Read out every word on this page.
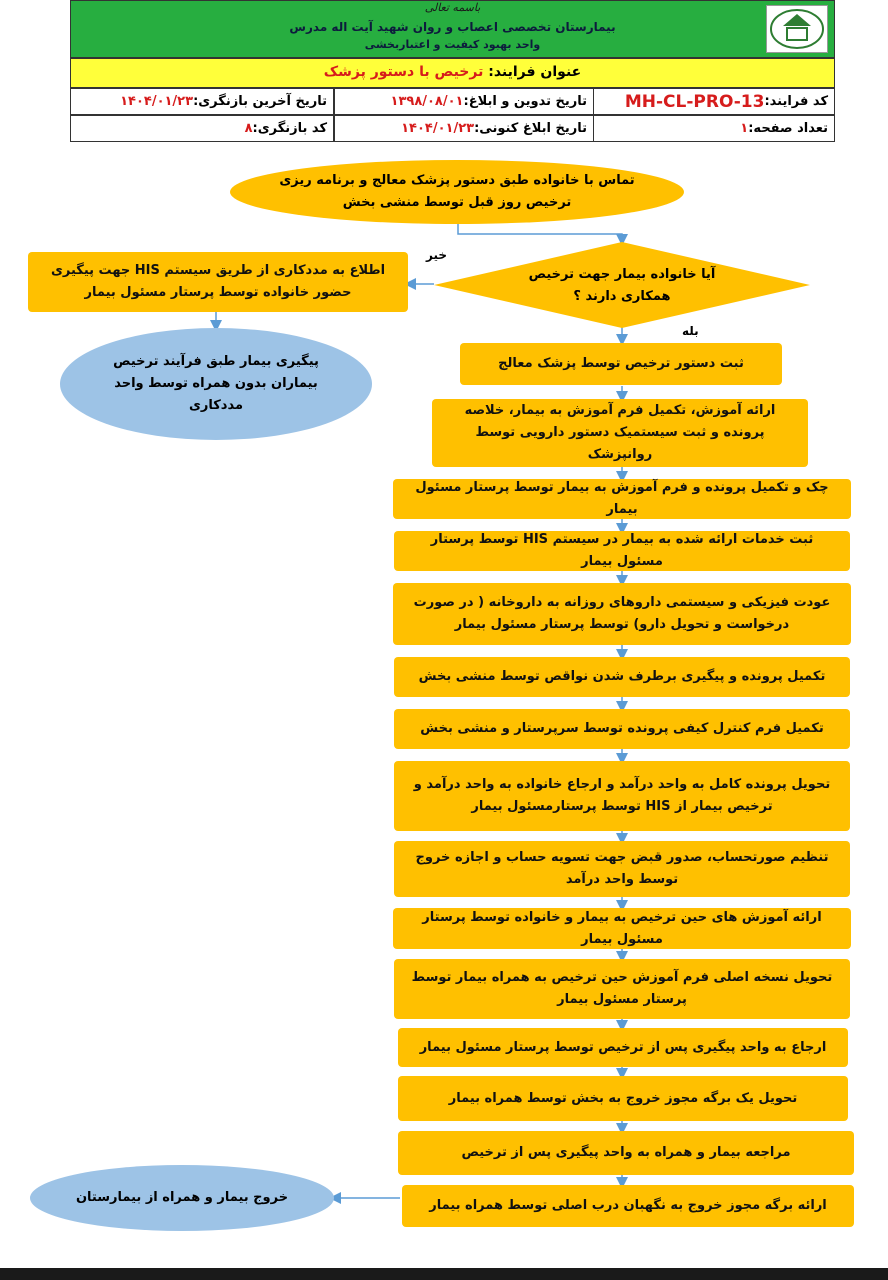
باسمه تعالی
بیمارستان تخصصی اعصاب و روان شهید آیت اله مدرس
واحد بهبود کیفیت و اعتباربخشی
عنوان فرایند: ترخیص با دستور پزشک
کد فرایند:
MH-CL-PRO-13
تاریخ تدوین و ابلاغ:
۱۳۹۸/۰۸/۰۱
تاریخ آخرین بازنگری:
۱۴۰۴/۰۱/۲۳
تعداد صفحه:
۱
تاریخ ابلاغ کنونی:
۱۴۰۴/۰۱/۲۳
کد بازنگری:
۸
تماس با خانواده طبق دستور پزشک معالج و برنامه ریزی ترخیص روز قبل توسط منشی بخش
آیا خانواده بیمار جهت ترخیص همکاری دارند ؟
خیر
بله
اطلاع به مددکاری از طریق سیستم HIS جهت پیگیری حضور خانواده توسط پرستار مسئول بیمار
پیگیری بیمار طبق فرآیند ترخیص بیماران بدون همراه توسط واحد مددکاری
ثبت دستور ترخیص توسط پزشک معالج
ارائه آموزش، تکمیل فرم آموزش به بیمار، خلاصه پرونده و ثبت سیستمیک دستور دارویی توسط روانپزشک
چک و تکمیل پرونده و فرم آموزش به بیمار توسط پرستار مسئول بیمار
ثبت خدمات ارائه شده به بیمار در سیستم HIS توسط پرستار مسئول بیمار
عودت فیزیکی و سیستمی داروهای روزانه به داروخانه ( در صورت درخواست و تحویل دارو) توسط پرستار مسئول بیمار
تکمیل پرونده و پیگیری برطرف شدن نواقص توسط منشی بخش
تکمیل فرم کنترل کیفی پرونده توسط سرپرستار و منشی بخش
تحویل پرونده کامل به واحد درآمد و ارجاع خانواده به واحد درآمد و ترخیص بیمار از HIS توسط پرستارمسئول بیمار
تنظیم صورتحساب، صدور قبض جهت تسویه حساب و اجازه خروج توسط واحد درآمد
ارائه آموزش های حین ترخیص به بیمار و خانواده توسط پرستار مسئول بیمار
تحویل نسخه اصلی فرم آموزش حین ترخیص به همراه بیمار توسط پرستار مسئول بیمار
ارجاع به واحد پیگیری پس از ترخیص توسط پرستار مسئول بیمار
تحویل یک برگه مجوز خروج به بخش توسط همراه بیمار
مراجعه بیمار و همراه به واحد پیگیری پس از ترخیص
ارائه برگه مجوز خروج به نگهبان درب اصلی توسط همراه بیمار
خروج بیمار و همراه از بیمارستان
